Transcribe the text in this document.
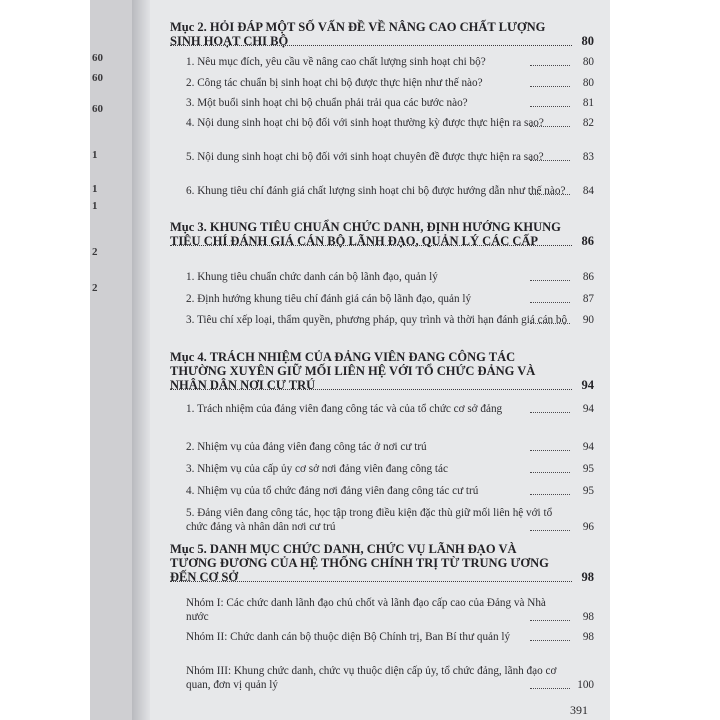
60
60
60
1
1
1
2
2
Mục 2. HỎI ĐÁP MỘT SỐ VẤN ĐỀ VỀ NÂNG CAO CHẤT LƯỢNG SINH HOẠT CHI BỘ	80
1. Nêu mục đích, yêu cầu về nâng cao chất lượng sinh hoạt chi bộ?	80
2. Công tác chuẩn bị sinh hoạt chi bộ được thực hiện như thế nào?	80
3. Một buổi sinh hoạt chi bộ chuẩn phải trải qua các bước nào?	81
4. Nội dung sinh hoạt chi bộ đối với sinh hoạt thường kỳ được thực hiện ra sao?	82
5. Nội dung sinh hoạt chi bộ đối với sinh hoạt chuyên đề được thực hiện ra sao?	83
6. Khung tiêu chí đánh giá chất lượng sinh hoạt chi bộ được hướng dẫn như thế nào?	84
Mục 3. KHUNG TIÊU CHUẨN CHỨC DANH, ĐỊNH HƯỚNG KHUNG TIÊU CHÍ ĐÁNH GIÁ CÁN BỘ LÃNH ĐẠO, QUẢN LÝ CÁC CẤP	86
1. Khung tiêu chuẩn chức danh cán bộ lãnh đạo, quản lý	86
2. Định hướng khung tiêu chí đánh giá cán bộ lãnh đạo, quản lý	87
3. Tiêu chí xếp loại, thẩm quyền, phương pháp, quy trình và thời hạn đánh giá cán bộ	90
Mục 4. TRÁCH NHIỆM CỦA ĐẢNG VIÊN ĐANG CÔNG TÁC THƯỜNG XUYÊN GIỮ MỐI LIÊN HỆ VỚI TỔ CHỨC ĐẢNG VÀ NHÂN DÂN NƠI CƯ TRÚ	94
1. Trách nhiệm của đảng viên đang công tác và của tổ chức cơ sở đảng	94
2. Nhiệm vụ của đảng viên đang công tác ở nơi cư trú	94
3. Nhiệm vụ của cấp ủy cơ sở nơi đảng viên đang công tác	95
4. Nhiệm vụ của tổ chức đảng nơi đảng viên đang công tác cư trú	95
5. Đảng viên đang công tác, học tập trong điều kiện đặc thù giữ mối liên hệ với tổ chức đảng và nhân dân nơi cư trú	96
Mục 5. DANH MỤC CHỨC DANH, CHỨC VỤ LÃNH ĐẠO VÀ TƯƠNG ĐƯƠNG CỦA HỆ THỐNG CHÍNH TRỊ TỪ TRUNG ƯƠNG ĐẾN CƠ SỞ	98
Nhóm I: Các chức danh lãnh đạo chủ chốt và lãnh đạo cấp cao của Đảng và Nhà nước	98
Nhóm II: Chức danh cán bộ thuộc diện Bộ Chính trị, Ban Bí thư quản lý	98
Nhóm III: Khung chức danh, chức vụ thuộc diện cấp ủy, tổ chức đảng, lãnh đạo cơ quan, đơn vị quản lý	100
391
